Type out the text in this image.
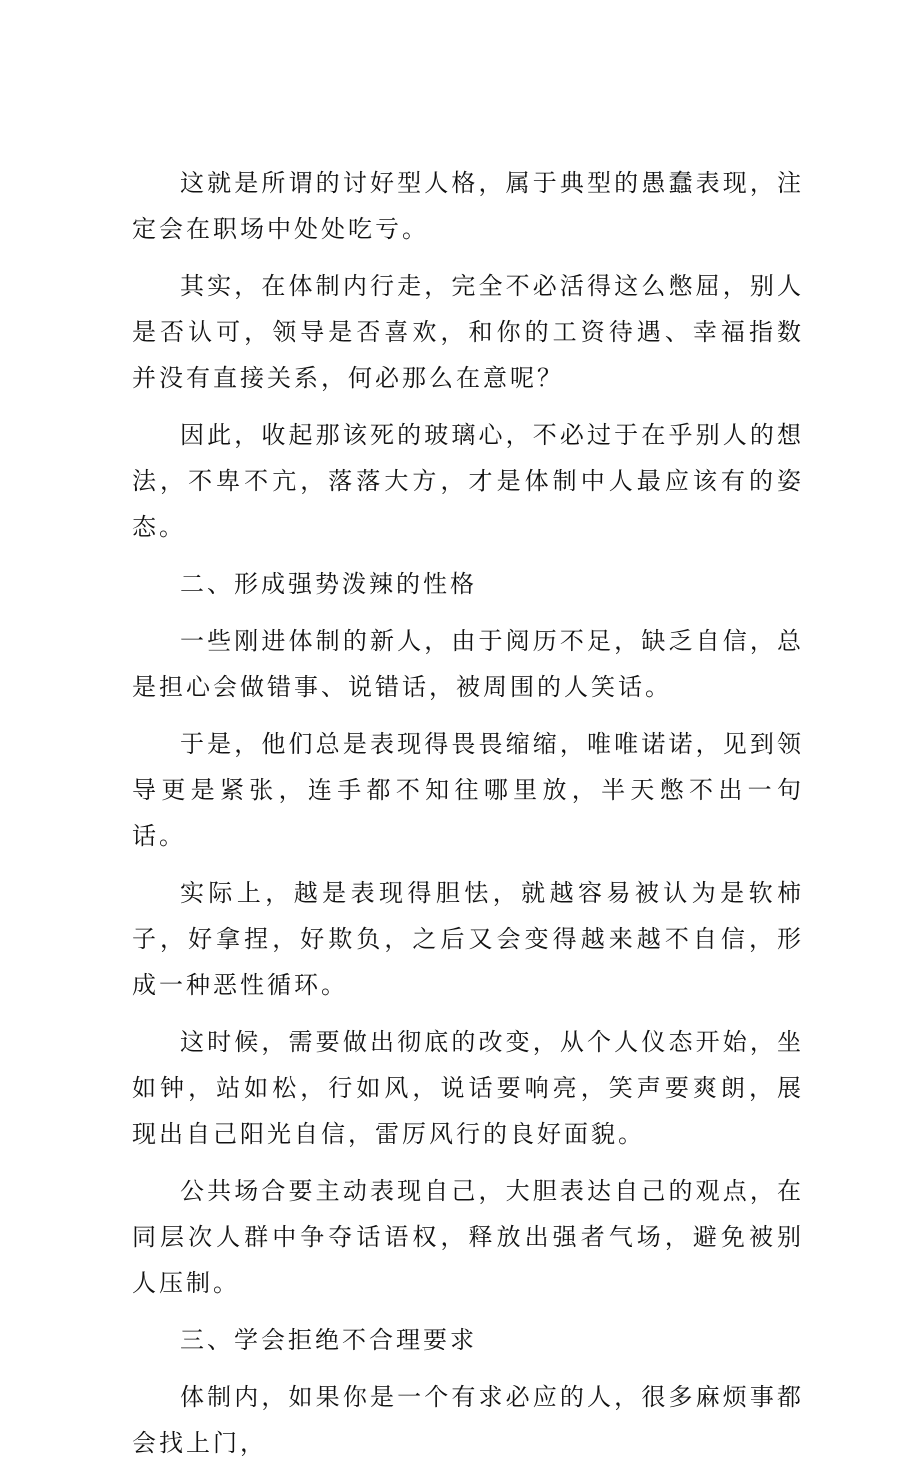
这就是所谓的讨好型人格，属于典型的愚蠢表现，注定会在职场中处处吃亏。

其实，在体制内行走，完全不必活得这么憋屈，别人是否认可，领导是否喜欢，和你的工资待遇、幸福指数并没有直接关系，何必那么在意呢？

因此，收起那该死的玻璃心，不必过于在乎别人的想法，不卑不亢，落落大方，才是体制中人最应该有的姿态。

二、形成强势泼辣的性格

一些刚进体制的新人，由于阅历不足，缺乏自信，总是担心会做错事、说错话，被周围的人笑话。

于是，他们总是表现得畏畏缩缩，唯唯诺诺，见到领导更是紧张，连手都不知往哪里放，半天憋不出一句话。

实际上，越是表现得胆怯，就越容易被认为是软柿子，好拿捏，好欺负，之后又会变得越来越不自信，形成一种恶性循环。

这时候，需要做出彻底的改变，从个人仪态开始，坐如钟，站如松，行如风，说话要响亮，笑声要爽朗，展现出自己阳光自信，雷厉风行的良好面貌。

公共场合要主动表现自己，大胆表达自己的观点，在同层次人群中争夺话语权，释放出强者气场，避免被别人压制。

三、学会拒绝不合理要求

体制内，如果你是一个有求必应的人，很多麻烦事都会找上门，
